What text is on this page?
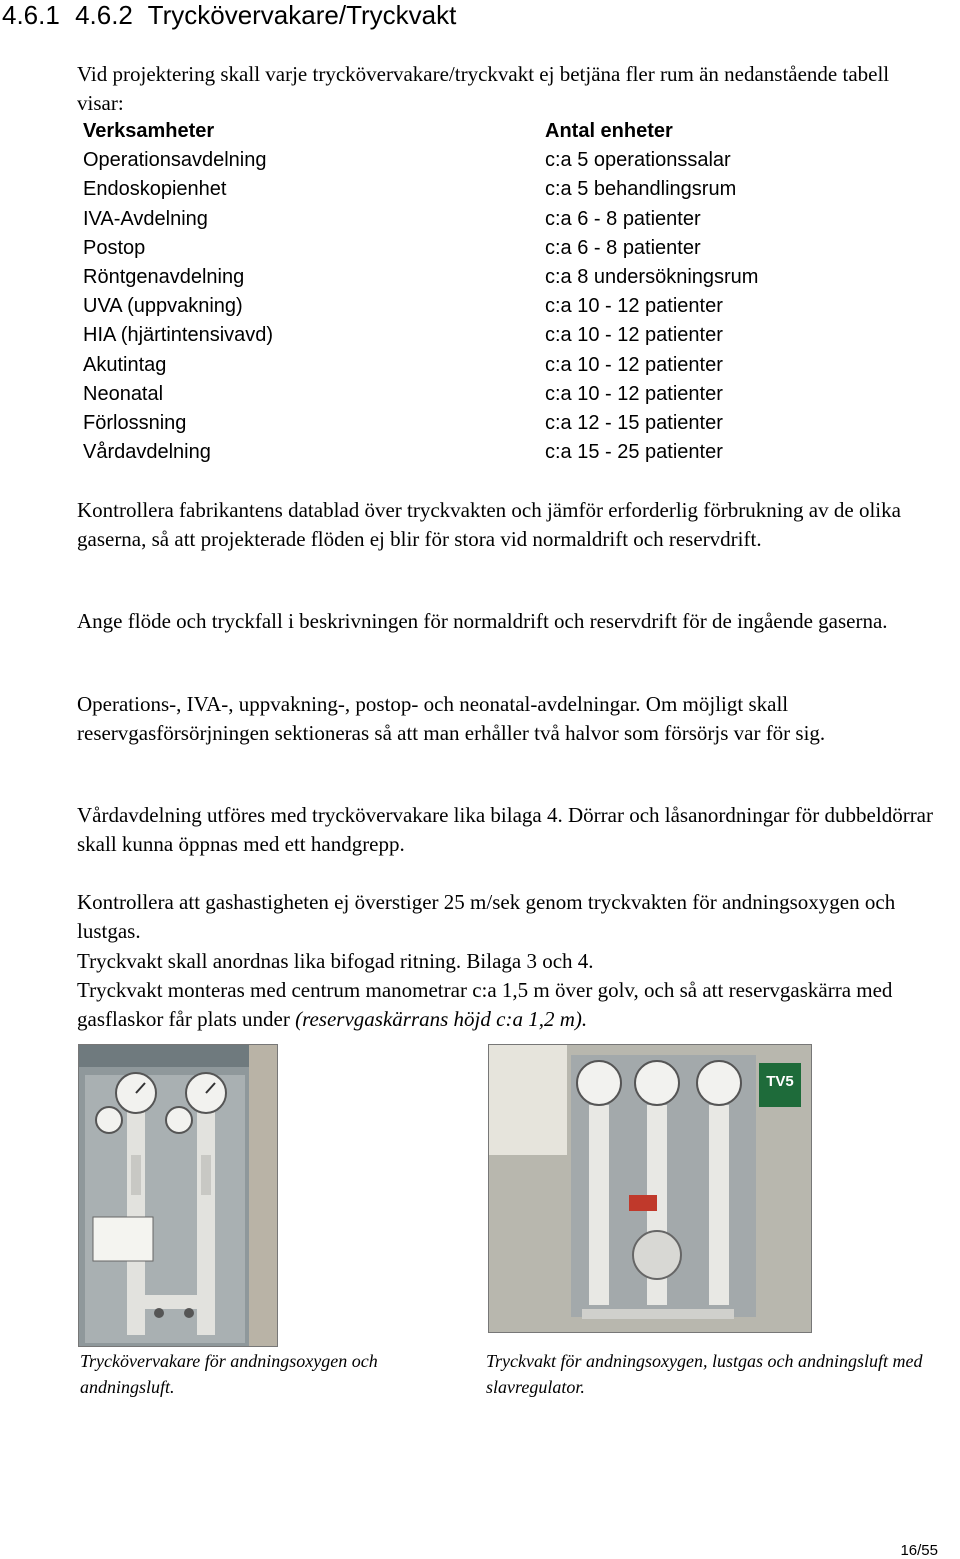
4.6.1 4.6.2 Tryckövervakare/Tryckvakt
Vid projektering skall varje tryckövervakare/tryckvakt ej betjäna fler rum än nedanstående tabell visar:
Verksamheter	Antal enheter
Operationsavdelning	c:a 5 operationssalar
Endoskopienhet	c:a 5 behandlingsrum
IVA-Avdelning	c:a 6 - 8 patienter
Postop	c:a 6 - 8 patienter
Röntgenavdelning	c:a 8 undersökningsrum
UVA (uppvakning)	c:a 10 - 12 patienter
HIA (hjärtintensivavd)	c:a 10 - 12 patienter
Akutintag	c:a 10 - 12 patienter
Neonatal	c:a 10 - 12 patienter
Förlossning	c:a 12 - 15 patienter
Vårdavdelning	c:a 15 - 25 patienter

Kontrollera fabrikantens datablad över tryckvakten och jämför erforderlig förbrukning av de olika gaserna, så att projekterade flöden ej blir för stora vid normaldrift och reservdrift.

Ange flöde och tryckfall i beskrivningen för normaldrift och reservdrift för de ingående gaserna.

Operations-, IVA-, uppvakning-, postop- och neonatal-avdelningar. Om möjligt skall reservgasförsörjningen sektioneras så att man erhåller två halvor som försörjs var för sig.

Vårdavdelning utföres med tryckövervakare lika bilaga 4. Dörrar och låsanordningar för dubbeldörrar skall kunna öppnas med ett handgrepp.

Kontrollera att gashastigheten ej överstiger 25 m/sek genom tryckvakten för andningsoxygen och lustgas.

Tryckvakt skall anordnas lika bifogad ritning. Bilaga 3 och 4.

Tryckvakt monteras med centrum manometrar c:a 1,5 m över golv, och så att reservgaskärra med gasflaskor får plats under (reservgaskärrans höjd c:a 1,2 m).

TV5
Tryckövervakare för andningsoxygen och andningsluft.
Tryckvakt för andningsoxygen, lustgas och andningsluft med slavregulator.
16/55
